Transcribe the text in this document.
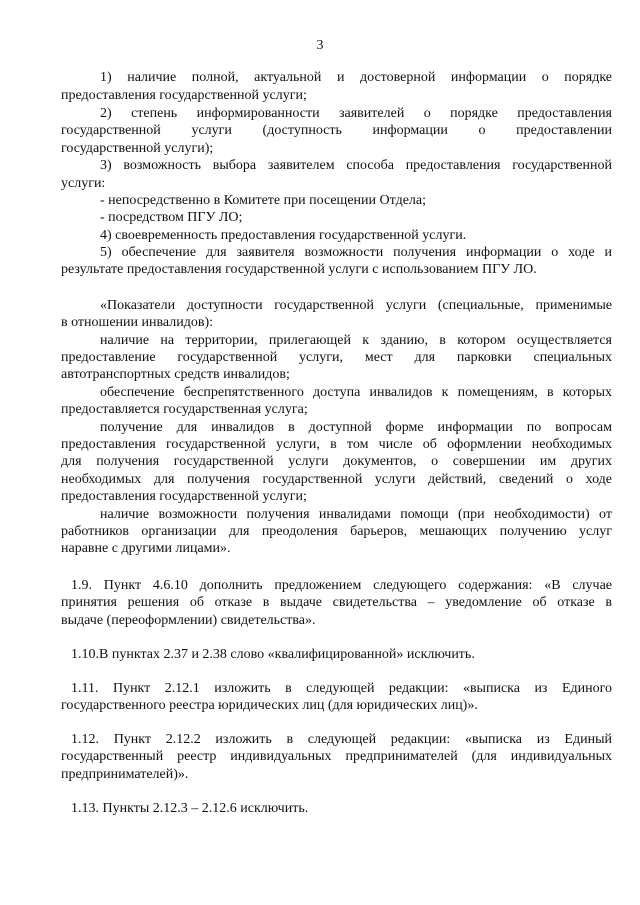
3
1) наличие полной, актуальной и достоверной информации о порядке
предоставления государственной услуги;
2) степень информированности заявителей о порядке предоставления
государственной услуги (доступность информации о предоставлении
государственной услуги);
3) возможность выбора заявителем способа предоставления государственной
услуги:
- непосредственно в Комитете при посещении Отдела;
- посредством ПГУ ЛО;
4) своевременность предоставления государственной услуги.
5) обеспечение для заявителя возможности получения информации о ходе и
результате предоставления государственной услуги с использованием ПГУ ЛО.
«Показатели доступности государственной услуги (специальные, применимые
в отношении инвалидов):
наличие на территории, прилегающей к зданию, в котором осуществляется
предоставление государственной услуги, мест для парковки специальных
автотранспортных средств инвалидов;
обеспечение беспрепятственного доступа инвалидов к помещениям, в которых
предоставляется государственная услуга;
получение для инвалидов в доступной форме информации по вопросам
предоставления государственной услуги, в том числе об оформлении необходимых
для получения государственной услуги документов, о совершении им других
необходимых для получения государственной услуги действий, сведений о ходе
предоставления государственной услуги;
наличие возможности получения инвалидами помощи (при необходимости) от
работников организации для преодоления барьеров, мешающих получению услуг
наравне с другими лицами».
1.9. Пункт 4.6.10 дополнить предложением следующего содержания: «В случае
принятия решения об отказе в выдаче свидетельства – уведомление об отказе в
выдаче (переоформлении) свидетельства».
1.10.В пунктах 2.37 и 2.38 слово «квалифицированной» исключить.
1.11. Пункт 2.12.1 изложить в следующей редакции: «выписка из Единого
государственного реестра юридических лиц (для юридических лиц)».
1.12. Пункт 2.12.2 изложить в следующей редакции: «выписка из Единый
государственный реестр индивидуальных предпринимателей (для индивидуальных
предпринимателей)».
1.13. Пункты 2.12.3 – 2.12.6 исключить.
